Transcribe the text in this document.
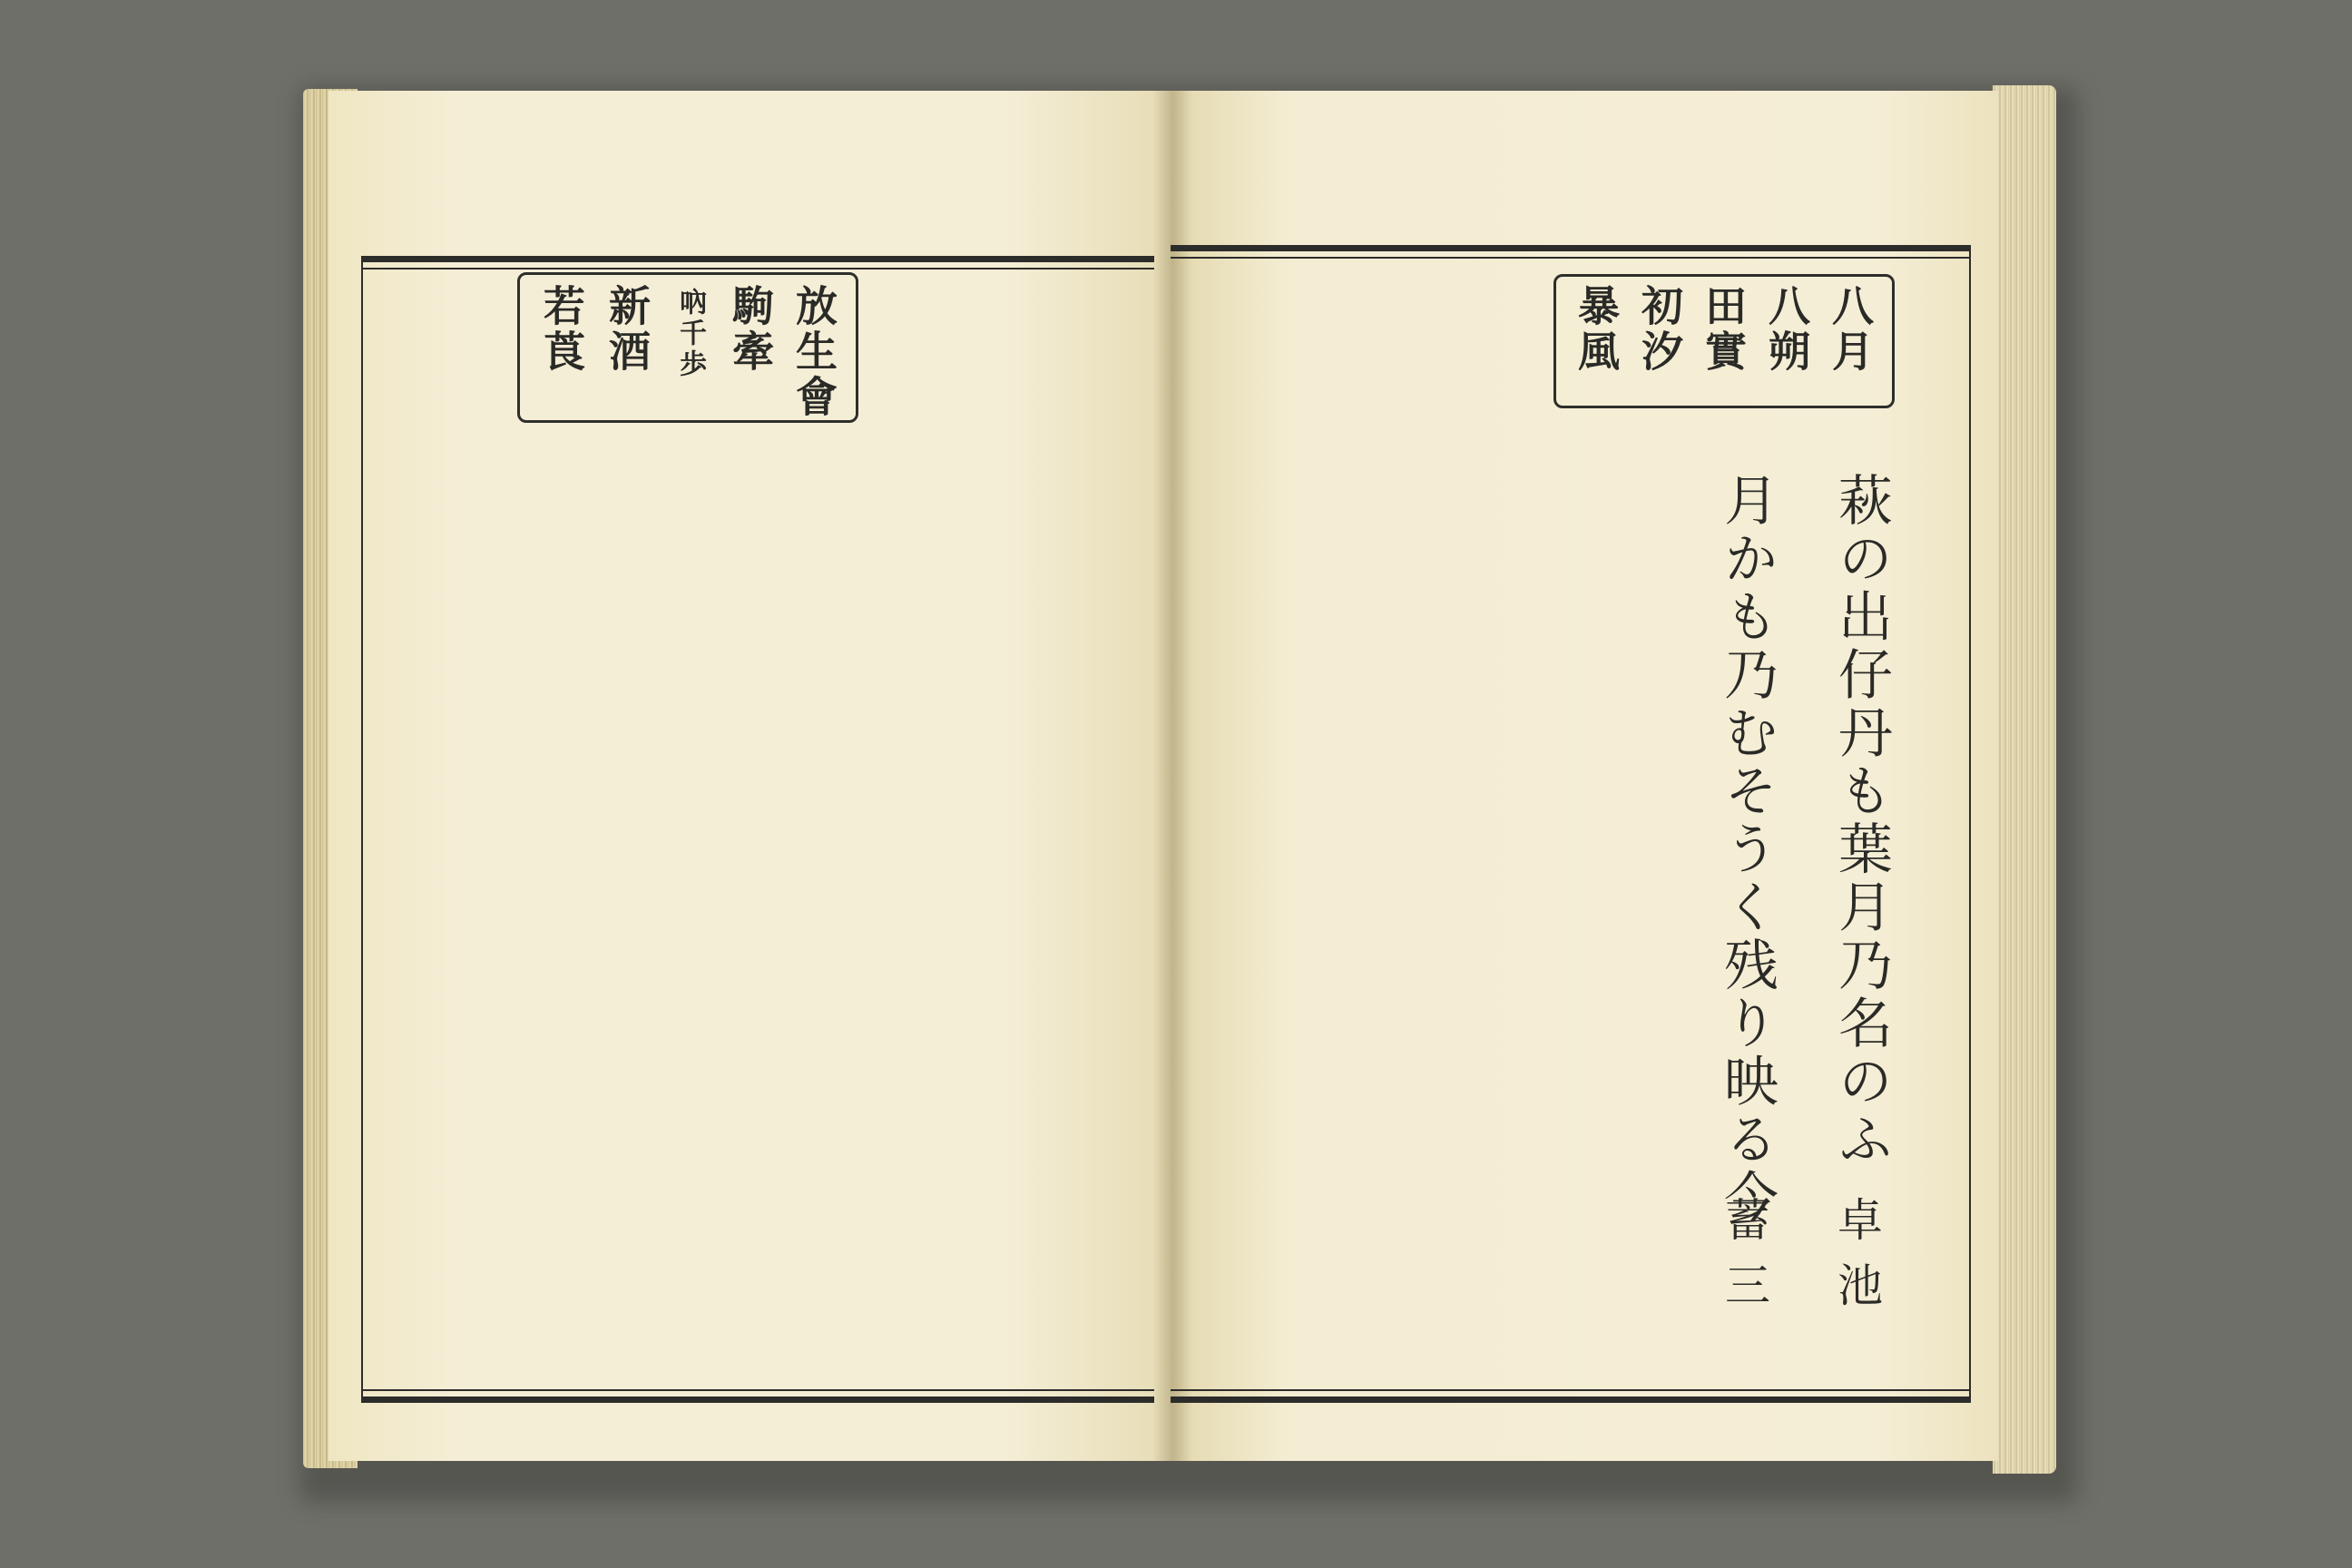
放生會
駒牽
吶千歩
新酒
若莨	八月
八朔
田實
初汐
暴風
萩の出仔丹も葉月乃名のふ
卓池
月かも乃むそうく残り映る今
蓄三
